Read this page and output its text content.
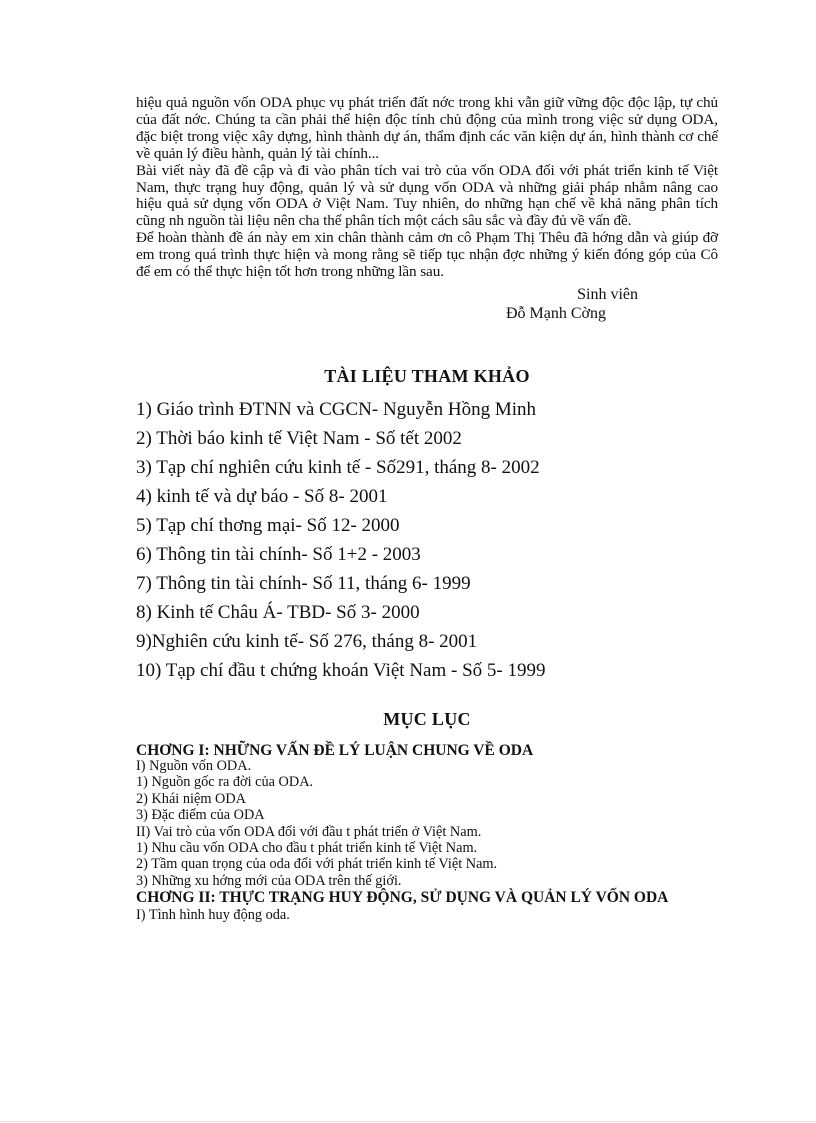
hiệu quả nguồn vốn ODA phục vụ phát triển đất nớc trong khi vẫn giữ vững độc độc lập, tự chủ của đất nớc. Chúng ta cần phải thể hiện độc tính chủ động của mình trong việc sử dụng ODA, đặc biệt trong việc xây dựng, hình thành dự án, thẩm định các văn kiện dự án, hình thành cơ chế về quản lý điều hành, quản lý tài chính...

Bài viết này đã đề cập và đi vào phân tích vai trò của vốn ODA đối với phát triển kinh tế Việt Nam, thực trạng huy động, quản lý và sử dụng vốn ODA và những giải pháp nhằm nâng cao hiệu quả sử dụng vốn ODA ở Việt Nam. Tuy nhiên, do những hạn chế về khả năng phân tích cũng nh nguồn tài liệu nên cha thể phân tích một cách sâu sắc và đầy đủ về vấn đề.

Để hoàn thành đề án này em xin chân thành cảm ơn cô Phạm Thị Thêu đã hớng dẫn và giúp đỡ em trong quá trình thực hiện và mong rằng sẽ tiếp tục nhận đợc những ý kiến đóng góp của Cô để em có thể thực hiện tốt hơn trong những lần sau.

Sinh viên
Đỗ Mạnh Cờng
TÀI LIỆU THAM KHẢO
1) Giáo trình ĐTNN và CGCN- Nguyễn Hồng Minh
2) Thời báo kinh tế Việt Nam - Số tết 2002
3) Tạp chí nghiên cứu kinh tế - Số291, tháng 8- 2002
4) kinh tế và dự báo - Số 8- 2001
5) Tạp chí thơng mại- Số 12- 2000
6) Thông tin tài chính- Số 1+2 - 2003
7) Thông tin tài chính- Số 11, tháng 6- 1999
8) Kinh tế Châu Á- TBD- Số 3- 2000
9)Nghiên cứu kinh tế- Số 276, tháng 8- 2001
10) Tạp chí đầu t chứng khoán Việt Nam - Số 5- 1999
MỤC LỤC
CHƠNG I: NHỮNG VẤN ĐỀ LÝ LUẬN CHUNG VỀ ODA
I) Nguồn vốn ODA.
1) Nguồn gốc ra đời của ODA.
2) Khái niệm ODA
3) Đặc điểm của ODA
II) Vai trò của vốn ODA đối với đầu t phát triển ở Việt Nam.
1) Nhu cầu vốn ODA cho đầu t phát triển kinh tế Việt Nam.
2) Tầm quan trọng của oda đối với phát triển kinh tế Việt Nam.
3) Những xu hớng mới của ODA trên thế giới.
CHƠNG II: THỰC TRẠNG HUY ĐỘNG, SỬ DỤNG VÀ QUẢN LÝ VỐN ODA
I) Tình hình huy động oda.
